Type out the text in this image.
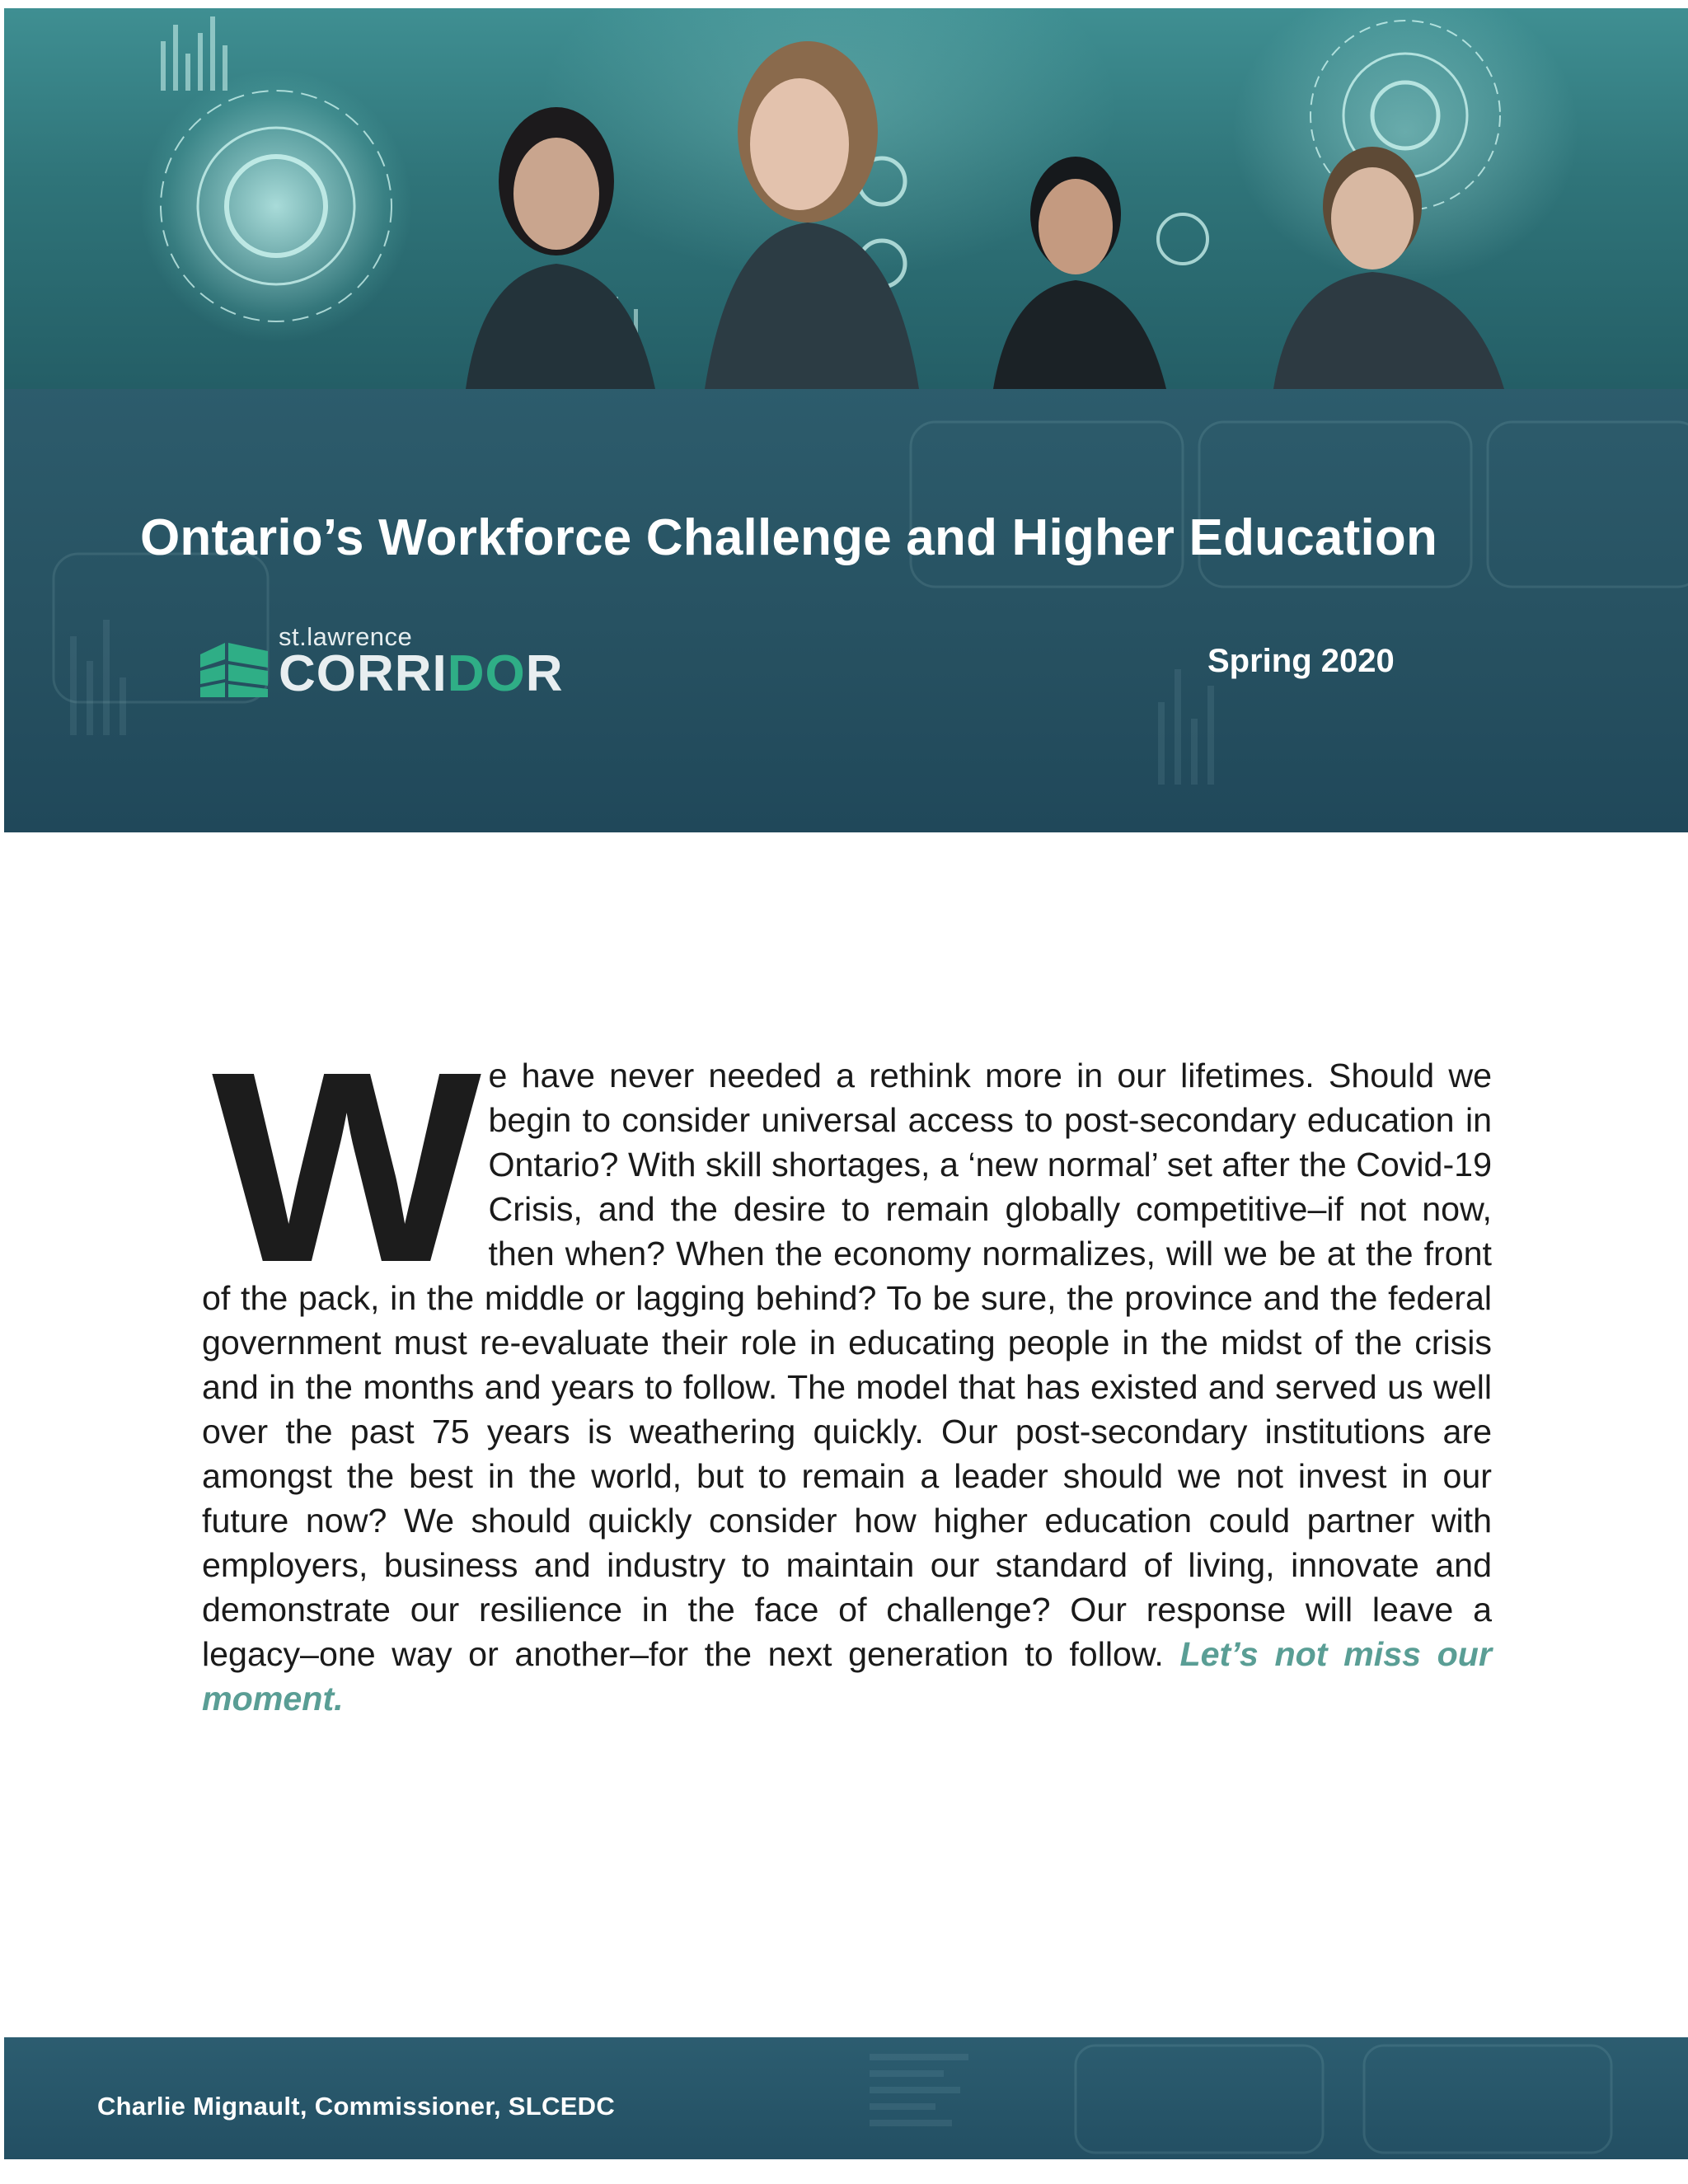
Ontario’s Workforce Challenge and Higher Education
st.lawrence
CORRIDOR	Spring 2020
W e have never needed a rethink more in our lifetimes. Should we begin to consider universal access to post-secondary education in Ontario? With skill shortages, a ‘new normal’ set after the Covid-19 Crisis, and the desire to remain globally competitive–if not now, then when? When the economy normalizes, will we be at the front of the pack, in the middle or lagging behind? To be sure, the province and the federal government must re-evaluate their role in educating people in the midst of the crisis and in the months and years to follow. The model that has existed and served us well over the past 75 years is weathering quickly. Our post-secondary institutions are amongst the best in the world, but to remain a leader should we not invest in our future now? We should quickly consider how higher education could partner with employers, business and industry to maintain our standard of living, innovate and demonstrate our resilience in the face of challenge? Our response will leave a legacy–one way or another–for the next generation to follow. Let’s not miss our moment.

Charlie Mignault, Commissioner, SLCEDC
